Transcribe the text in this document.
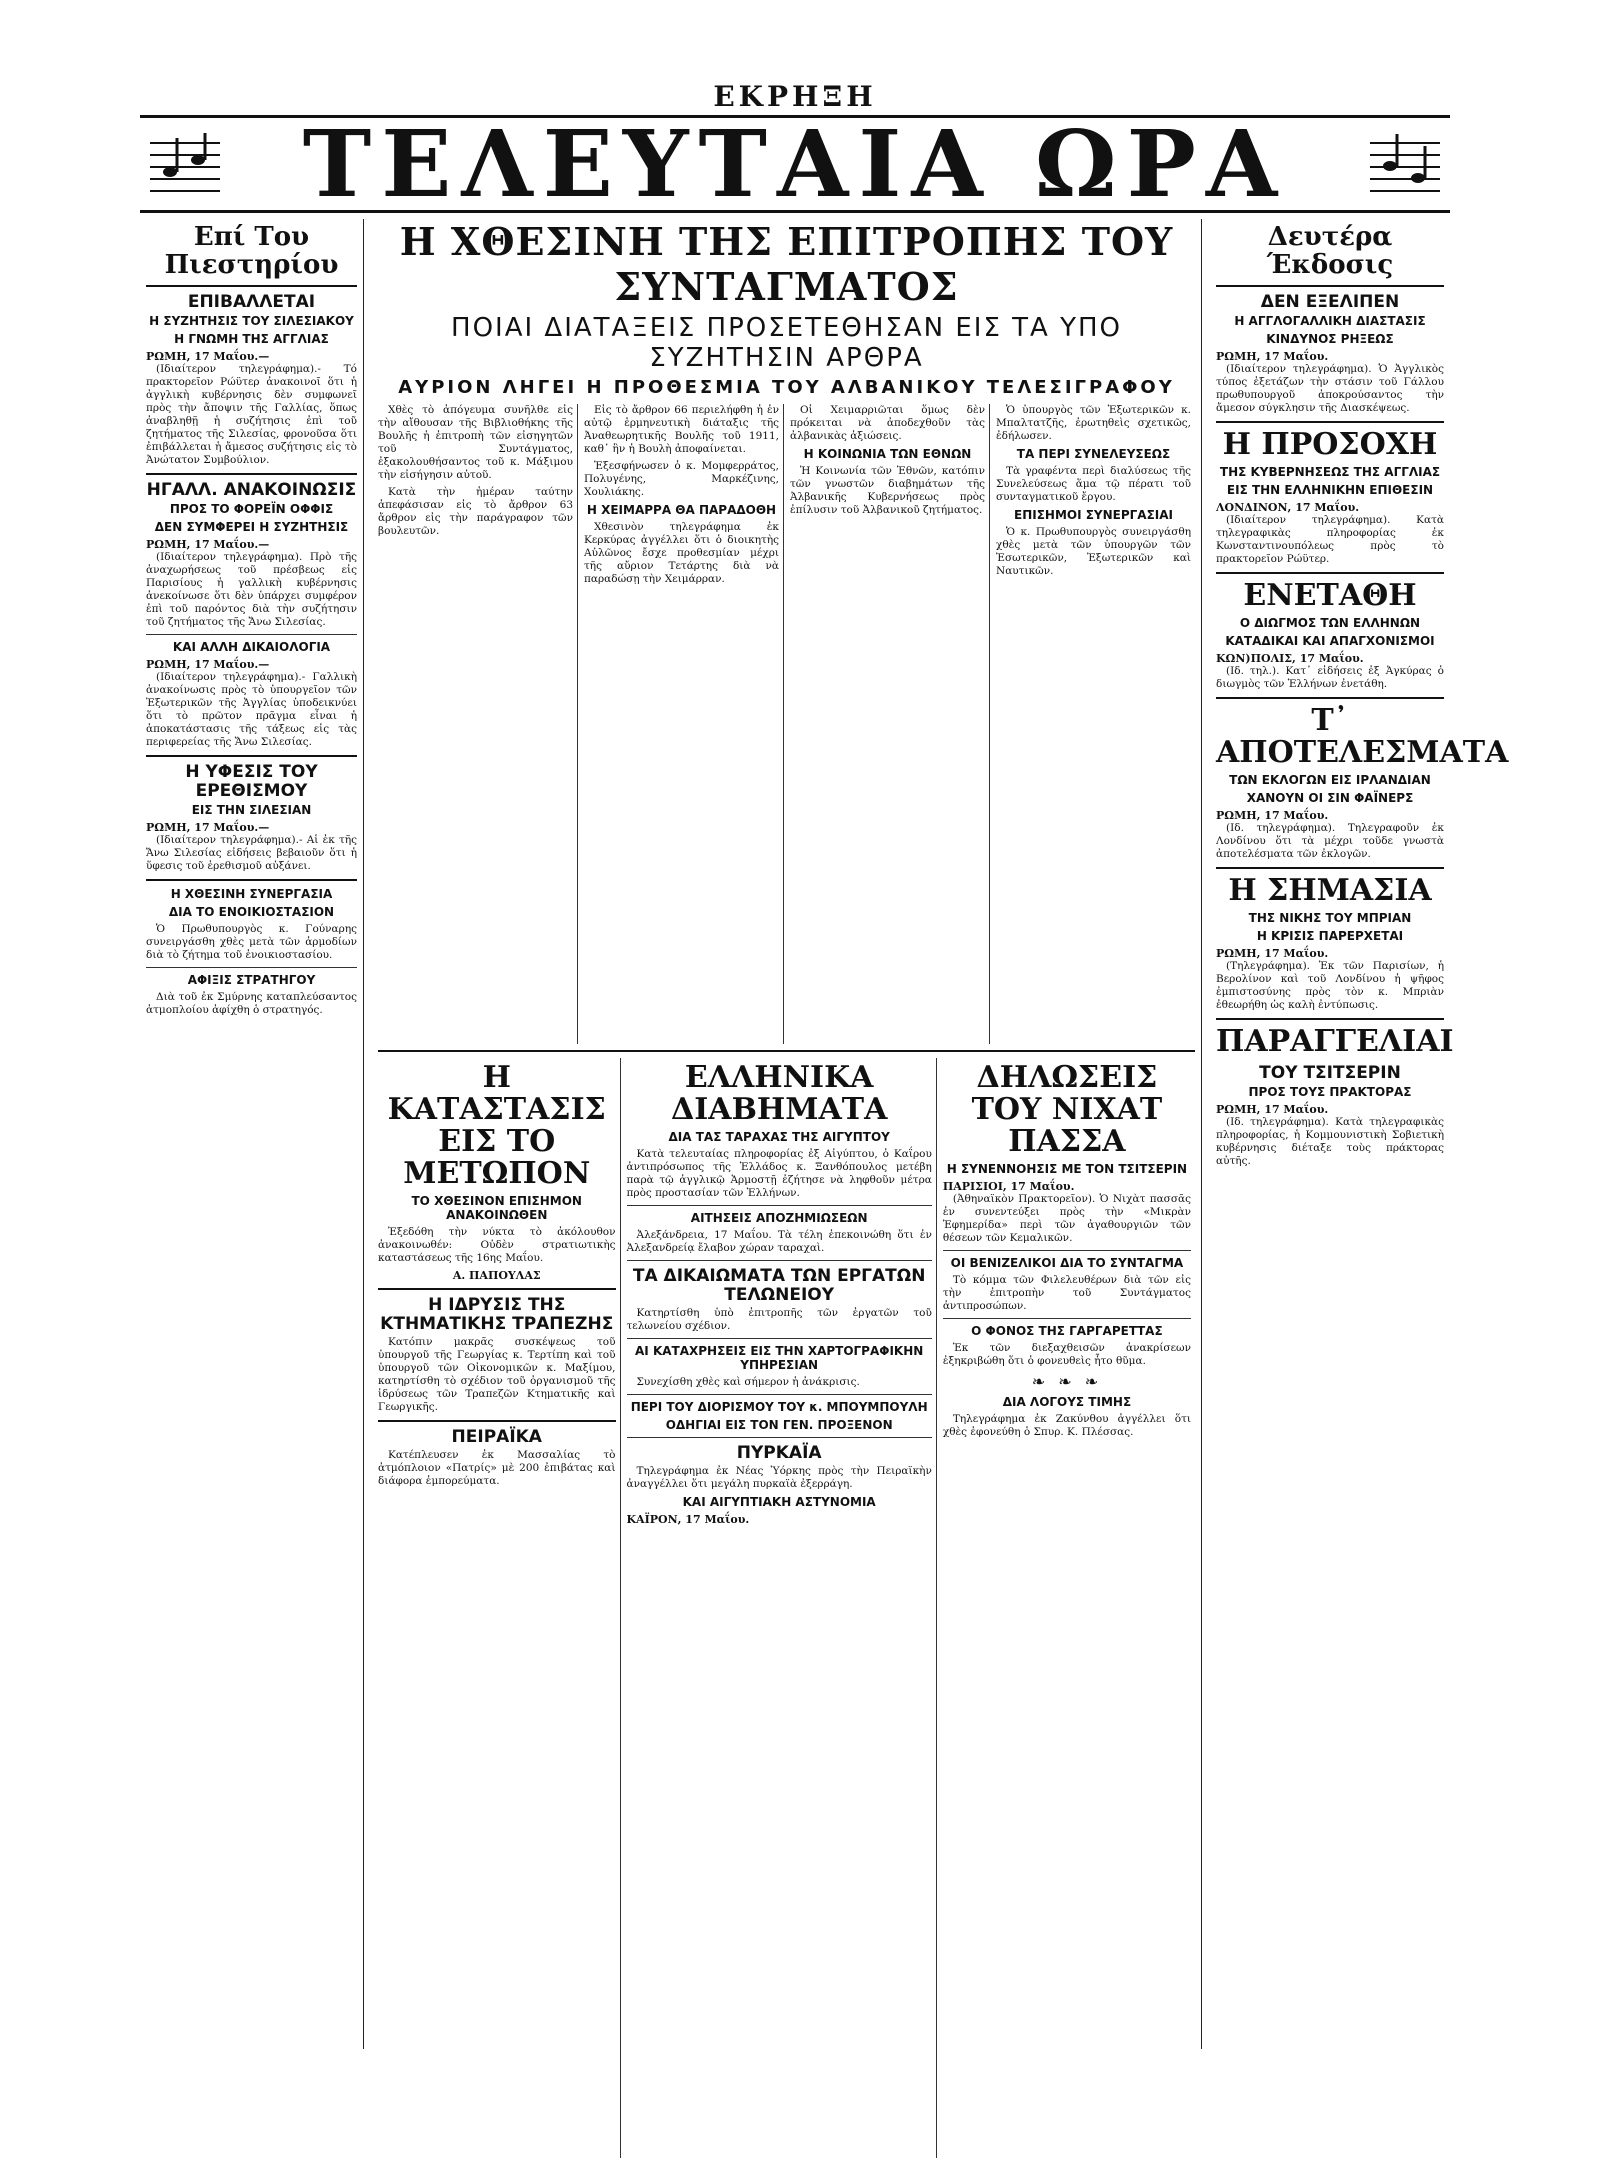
ΕΚΡΗΞΗ
ΤΕΛΕΥΤΑΙΑ ΩΡΑ
Επί Του Πιεστηρίου
ΕΠΙΒΑΛΛΕΤΑΙ
Η ΣΥΖΗΤΗΣΙΣ ΤΟΥ ΣΙΛΕΣΙΑΚΟΥ
Η ΓΝΩΜΗ ΤΗΣ ΑΓΓΛΙΑΣ
ΡΩΜΗ, 17 Μαΐου.—

(Ιδιαίτερον τηλεγράφημα).- Τό πρακτορεῖον Ρώϋτερ ἀνακοινοῖ ὅτι ἡ ἀγγλικὴ κυβέρνησις δὲν συμφωνεῖ πρὸς τὴν ἄποψιν τῆς Γαλλίας, ὅπως ἀναβληθῇ ἡ συζήτησις ἐπὶ τοῦ ζητήματος τῆς Σιλεσίας, φρονοῦσα ὅτι ἐπιβάλλεται ἡ ἄμεσος συζήτησις εἰς τὸ Ἀνώτατον Συμβούλιον.

ΗΓΑΛΛ. ΑΝΑΚΟΙΝΩΣΙΣ
ΠΡΟΣ ΤΟ ΦΟΡΕΪΝ ΟΦΦΙΣ
ΔΕΝ ΣΥΜΦΕΡΕΙ Η ΣΥΖΗΤΗΣΙΣ
ΡΩΜΗ, 17 Μαΐου.—

(Ιδιαίτερον τηλεγράφημα). Πρὸ τῆς ἀναχωρήσεως τοῦ πρέσβεως εἰς Παρισίους ἡ γαλλικὴ κυβέρνησις ἀνεκοίνωσε ὅτι δὲν ὑπάρχει συμφέρον ἐπὶ τοῦ παρόντος διὰ τὴν συζήτησιν τοῦ ζητήματος τῆς Ἄνω Σιλεσίας.

ΚΑΙ ΑΛΛΗ ΔΙΚΑΙΟΛΟΓΙΑ
ΡΩΜΗ, 17 Μαΐου.—

(Ιδιαίτερον τηλεγράφημα).- Γαλλικὴ ἀνακοίνωσις πρὸς τὸ ὑπουργεῖον τῶν Ἐξωτερικῶν τῆς Ἀγγλίας ὑποδεικνύει ὅτι τὸ πρῶτον πρᾶγμα εἶναι ἡ ἀποκατάστασις τῆς τάξεως εἰς τὰς περιφερείας τῆς Ἄνω Σιλεσίας.

Η ΥΦΕΣΙΣ ΤΟΥ ΕΡΕΘΙΣΜΟΥ
ΕΙΣ ΤΗΝ ΣΙΛΕΣΙΑΝ
ΡΩΜΗ, 17 Μαΐου.—

(Ιδιαίτερον τηλεγράφημα).- Αἱ ἐκ τῆς Ἄνω Σιλεσίας εἰδήσεις βεβαιοῦν ὅτι ἡ ὕφεσις τοῦ ἐρεθισμοῦ αὐξάνει.

Η ΧΘΕΣΙΝΗ ΣΥΝΕΡΓΑΣΙΑ
ΔΙΑ ΤΟ ΕΝΟΙΚΙΟΣΤΑΣΙΟΝ

Ὁ Πρωθυπουργὸς κ. Γούναρης συνειργάσθη χθὲς μετὰ τῶν ἁρμοδίων διὰ τὸ ζήτημα τοῦ ἐνοικιοστασίου.

ΑΦΙΞΙΣ ΣΤΡΑΤΗΓΟΥ

Διὰ τοῦ ἐκ Σμύρνης καταπλεύσαντος ἀτμοπλοίου ἀφίχθη ὁ στρατηγός.

Η ΧΘΕΣΙΝΗ ΤΗΣ ΕΠΙΤΡΟΠΗΣ ΤΟΥ ΣΥΝΤΑΓΜΑΤΟΣ
ΠΟΙΑΙ ΔΙΑΤΑΞΕΙΣ ΠΡΟΣΕΤΕΘΗΣΑΝ ΕΙΣ ΤΑ ΥΠΟ ΣΥΖΗΤΗΣΙΝ ΑΡΘΡΑ
ΑΥΡΙΟΝ ΛΗΓΕΙ Η ΠΡΟΘΕΣΜΙΑ ΤΟΥ ΑΛΒΑΝΙΚΟΥ ΤΕΛΕΣΙΓΡΑΦΟΥ

Χθὲς τὸ ἀπόγευμα συνῆλθε εἰς τὴν αἴθουσαν τῆς Βιβλιοθήκης τῆς Βουλῆς ἡ ἐπιτροπὴ τῶν εἰσηγητῶν τοῦ Συντάγματος, ἐξακολουθήσαντος τοῦ κ. Μάξιμου τὴν εἰσήγησιν αὐτοῦ.

Κατὰ τὴν ἡμέραν ταύτην ἀπεφάσισαν εἰς τὸ ἄρθρον 63 ἄρθρον εἰς τὴν παράγραφον τῶν βουλευτῶν.

Εἰς τὸ ἄρθρον 66 περιελήφθη ἡ ἐν αὐτῷ ἑρμηνευτικὴ διάταξις τῆς Ἀναθεωρητικῆς Βουλῆς τοῦ 1911, καθ᾽ ἣν ἡ Βουλὴ ἀποφαίνεται.

Ἐξεσφήνωσεν ὁ κ. Μομφερράτος, Πολυγένης, Μαρκέζινης, Χουλιάκης.

Η ΧΕΙΜΑΡΡΑ ΘΑ ΠΑΡΑΔΟΘΗ

Χθεσινὸν τηλεγράφημα ἐκ Κερκύρας ἀγγέλλει ὅτι ὁ διοικητὴς Αὐλῶνος ἔσχε προθεσμίαν μέχρι τῆς αὔριον Τετάρτης διὰ νὰ παραδώσῃ τὴν Χειμάρραν.

Οἱ Χειμαρριῶται ὅμως δὲν πρόκειται νὰ ἀποδεχθοῦν τὰς ἀλβανικὰς ἀξιώσεις.

Η ΚΟΙΝΩΝΙΑ ΤΩΝ ΕΘΝΩΝ

Ἡ Κοινωνία τῶν Ἐθνῶν, κατόπιν τῶν γνωστῶν διαβημάτων τῆς Ἀλβανικῆς Κυβερνήσεως πρὸς ἐπίλυσιν τοῦ Ἀλβανικοῦ ζητήματος.

Ὁ ὑπουργὸς τῶν Ἐξωτερικῶν κ. Μπαλτατζῆς, ἐρωτηθεὶς σχετικῶς, ἐδήλωσεν.

ΤΑ ΠΕΡΙ ΣΥΝΕΛΕΥΣΕΩΣ

Τὰ γραφέντα περὶ διαλύσεως τῆς Συνελεύσεως ἅμα τῷ πέρατι τοῦ συνταγματικοῦ ἔργου.

ΕΠΙΣΗΜΟΙ ΣΥΝΕΡΓΑΣΙΑΙ

Ὁ κ. Πρωθυπουργὸς συνειργάσθη χθὲς μετὰ τῶν ὑπουργῶν τῶν Ἐσωτερικῶν, Ἐξωτερικῶν καὶ Ναυτικῶν.

Η ΚΑΤΑΣΤΑΣΙΣ ΕΙΣ ΤΟ ΜΕΤΩΠΟΝ
ΤΟ ΧΘΕΣΙΝΟΝ ΕΠΙΣΗΜΟΝ ΑΝΑΚΟΙΝΩΘΕΝ

Ἐξεδόθη τὴν νύκτα τὸ ἀκόλουθον ἀνακοινωθέν: Οὐδὲν στρατιωτικὴς καταστάσεως τῆς 16ης Μαΐου.

Α. ΠΑΠΟΥΛΑΣ
Η ΙΔΡΥΣΙΣ ΤΗΣ ΚΤΗΜΑΤΙΚΗΣ ΤΡΑΠΕΖΗΣ

Κατόπιν μακρᾶς συσκέψεως τοῦ ὑπουργοῦ τῆς Γεωργίας κ. Τερτίπη καὶ τοῦ ὑπουργοῦ τῶν Οἰκονομικῶν κ. Μαξίμου, κατηρτίσθη τὸ σχέδιον τοῦ ὀργανισμοῦ τῆς ἱδρύσεως τῶν Τραπεζῶν Κτηματικῆς καὶ Γεωργικῆς.

ΠΕΙΡΑΪΚΑ

Κατέπλευσεν ἐκ Μασσαλίας τὸ ἀτμόπλοιον «Πατρίς» μὲ 200 ἐπιβάτας καὶ διάφορα ἐμπορεύματα.

ΕΛΛΗΝΙΚΑ ΔΙΑΒΗΜΑΤΑ
ΔΙΑ ΤΑΣ ΤΑΡΑΧΑΣ ΤΗΣ ΑΙΓΥΠΤΟΥ

Κατὰ τελευταίας πληροφορίας ἐξ Αἰγύπτου, ὁ Καΐρου ἀντιπρόσωπος τῆς Ἑλλάδος κ. Ξανθόπουλος μετέβη παρὰ τῷ ἀγγλικῷ Ἁρμοστῇ ἐζήτησε νὰ ληφθοῦν μέτρα πρὸς προστασίαν τῶν Ἑλλήνων.

ΑΙΤΗΣΕΙΣ ΑΠΟΖΗΜΙΩΣΕΩΝ

Ἀλεξάνδρεια, 17 Μαΐου. Τὰ τέλη ἐπεκοινώθη ὅτι ἐν Ἀλεξανδρείᾳ ἔλαβον χώραν ταραχαὶ.

ΤΑ ΔΙΚΑΙΩΜΑΤΑ ΤΩΝ ΕΡΓΑΤΩΝ ΤΕΛΩΝΕΙΟΥ

Κατηρτίσθη ὑπὸ ἐπιτροπῆς τῶν ἐργατῶν τοῦ τελωνείου σχέδιον.

ΑΙ ΚΑΤΑΧΡΗΣΕΙΣ ΕΙΣ ΤΗΝ ΧΑΡΤΟΓΡΑΦΙΚΗΝ ΥΠΗΡΕΣΙΑΝ

Συνεχίσθη χθὲς καὶ σήμερον ἡ ἀνάκρισις.

ΠΕΡΙ ΤΟΥ ΔΙΟΡΙΣΜΟΥ ΤΟΥ κ. ΜΠΟΥΜΠΟΥΛΗ
ΟΔΗΓΙΑΙ ΕΙΣ ΤΟΝ ΓΕΝ. ΠΡΟΞΕΝΟΝ
ΠΥΡΚΑΪΑ

Τηλεγράφημα ἐκ Νέας Ὑόρκης πρὸς τὴν Πειραϊκὴν ἀναγγέλλει ὅτι μεγάλη πυρκαϊὰ ἐξερράγη.

ΚΑΙ ΑΙΓΥΠΤΙΑΚΗ ΑΣΤΥΝΟΜΙΑ
ΚΑΪΡΟΝ, 17 Μαΐου.
ΔΗΛΩΣΕΙΣ ΤΟΥ ΝΙΧΑΤ ΠΑΣΣΑ
Η ΣΥΝΕΝΝΟΗΣΙΣ ΜΕ ΤΟΝ ΤΣΙΤΣΕΡΙΝ
ΠΑΡΙΣΙΟΙ, 17 Μαΐου.

(Ἀθηναϊκὸν Πρακτορεῖον). Ὁ Νιχὰτ πασσᾶς ἐν συνεντεύξει πρὸς τὴν «Μικρὰν Ἐφημερίδα» περὶ τῶν ἀγαθουργιῶν τῶν θέσεων τῶν Κεμαλικῶν.

ΟΙ ΒΕΝΙΖΕΛΙΚΟΙ ΔΙΑ ΤΟ ΣΥΝΤΑΓΜΑ

Τὸ κόμμα τῶν Φιλελευθέρων διὰ τῶν εἰς τὴν ἐπιτροπὴν τοῦ Συντάγματος ἀντιπροσώπων.

Ο ΦΟΝΟΣ ΤΗΣ ΓΑΡΓΑΡΕΤΤΑΣ

Ἐκ τῶν διεξαχθεισῶν ἀνακρίσεων ἐξηκριβώθη ὅτι ὁ φονευθεὶς ἦτο θῦμα.

❧ ❧ ❧
ΔΙΑ ΛΟΓΟΥΣ ΤΙΜΗΣ

Τηλεγράφημα ἐκ Ζακύνθου ἀγγέλλει ὅτι χθὲς ἐφονεύθη ὁ Σπυρ. Κ. Πλέσσας.

Δευτέρα Έκδοσις
ΔΕΝ ΕΞΕΛΙΠΕΝ
Η ΑΓΓΛΟΓΑΛΛΙΚΗ ΔΙΑΣΤΑΣΙΣ
ΚΙΝΔΥΝΟΣ ΡΗΞΕΩΣ
ΡΩΜΗ, 17 Μαΐου.

(Ιδιαίτερον τηλεγράφημα). Ὁ Ἀγγλικὸς τύπος ἐξετάζων τὴν στάσιν τοῦ Γάλλου πρωθυπουργοῦ ἀποκρούσαντος τὴν ἄμεσον σύγκλησιν τῆς Διασκέψεως.

Η ΠΡΟΣΟΧΗ
ΤΗΣ ΚΥΒΕΡΝΗΣΕΩΣ ΤΗΣ ΑΓΓΛΙΑΣ
ΕΙΣ ΤΗΝ ΕΛΛΗΝΙΚΗΝ ΕΠΙΘΕΣΙΝ
ΛΟΝΔΙΝΟΝ, 17 Μαΐου.

(Ιδιαίτερον τηλεγράφημα). Κατὰ τηλεγραφικὰς πληροφορίας ἐκ Κωνσταντινουπόλεως πρὸς τὸ πρακτορεῖον Ρώϋτερ.

ΕΝΕΤΑΘΗ
Ο ΔΙΩΓΜΟΣ ΤΩΝ ΕΛΛΗΝΩΝ
ΚΑΤΑΔΙΚΑΙ ΚΑΙ ΑΠΑΓΧΟΝΙΣΜΟΙ
ΚΩΝ)ΠΟΛΙΣ, 17 Μαΐου.

(Ιδ. τηλ.). Κατ᾽ εἰδήσεις ἐξ Ἀγκύρας ὁ διωγμὸς τῶν Ἑλλήνων ἐνετάθη.

Τ᾽ ΑΠΟΤΕΛΕΣΜΑΤΑ
ΤΩΝ ΕΚΛΟΓΩΝ ΕΙΣ ΙΡΛΑΝΔΙΑΝ
ΧΑΝΟΥΝ ΟΙ ΣΙΝ ΦΑΪΝΕΡΣ
ΡΩΜΗ, 17 Μαΐου.

(Ιδ. τηλεγράφημα). Τηλεγραφοῦν ἐκ Λονδίνου ὅτι τὰ μέχρι τοῦδε γνωστὰ ἀποτελέσματα τῶν ἐκλογῶν.

Η ΣΗΜΑΣΙΑ
ΤΗΣ ΝΙΚΗΣ ΤΟΥ ΜΠΡΙΑΝ
Η ΚΡΙΣΙΣ ΠΑΡΕΡΧΕΤΑΙ
ΡΩΜΗ, 17 Μαΐου.

(Τηλεγράφημα). Ἐκ τῶν Παρισίων, ἡ Βερολίνον καὶ τοῦ Λονδίνου ἡ ψῆφος ἐμπιστοσύνης πρὸς τὸν κ. Μπριὰν ἐθεωρήθη ὡς καλὴ ἐντύπωσις.

ΠΑΡΑΓΓΕΛΙΑΙ
ΤΟΥ ΤΣΙΤΣΕΡΙΝ
ΠΡΟΣ ΤΟΥΣ ΠΡΑΚΤΟΡΑΣ
ΡΩΜΗ, 17 Μαΐου.

(Ιδ. τηλεγράφημα). Κατὰ τηλεγραφικὰς πληροφορίας, ἡ Κομμουνιστικὴ Σοβιετικὴ κυβέρνησις διέταξε τοὺς πράκτορας αὐτῆς.
